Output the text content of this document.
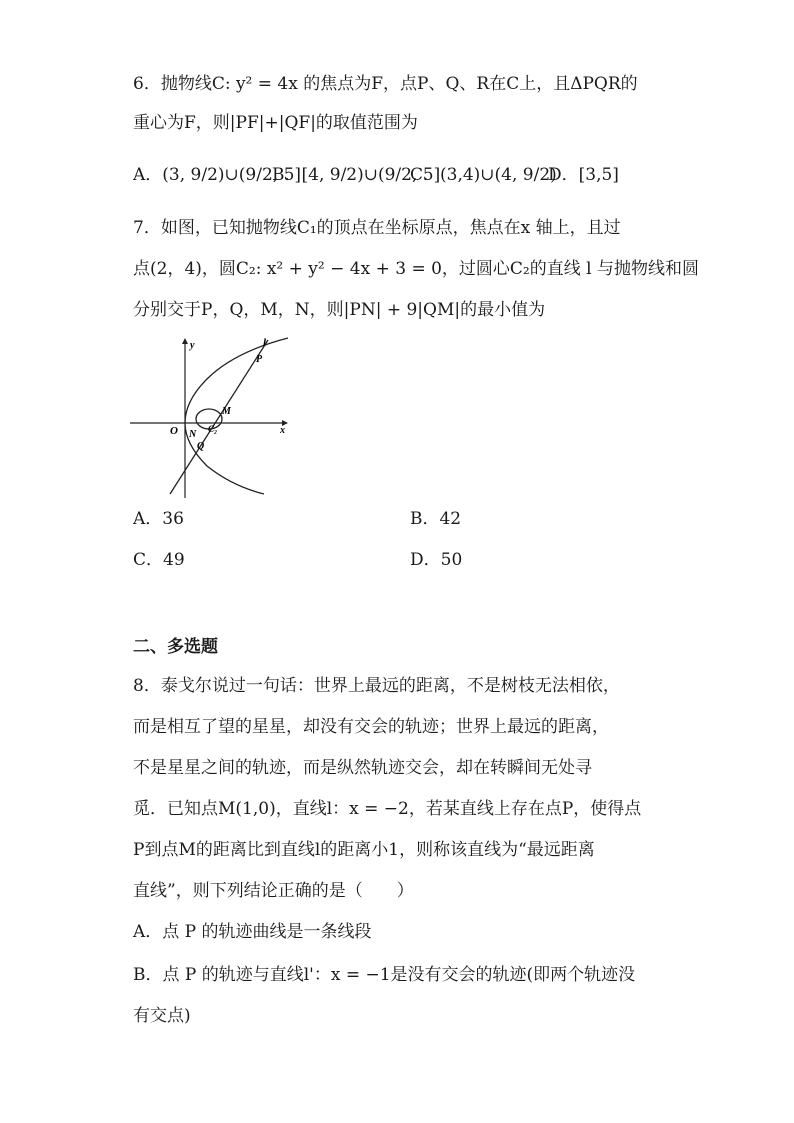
6．抛物线C: y² = 4x 的焦点为F，点P、Q、R在C上，且ΔPQR的
重心为F，则|PF|+|QF|的取值范围为
A．(3, 9/2)∪(9/2, 5]
B．[4, 9/2)∪(9/2, 5]
C．(3,4)∪(4, 9/2)
D．[3,5]
7．如图，已知抛物线C₁的顶点在坐标原点，焦点在x 轴上，且过
点(2，4)，圆C₂: x² + y² − 4x + 3 = 0，过圆心C₂的直线 l 与抛物线和圆
分别交于P，Q，M，N，则|PN| + 9|QM|的最小值为
y
x
O
l
P
M
N
Q
C₂
A．36	B．42
C．49	D．50
二、多选题
8．泰戈尔说过一句话：世界上最远的距离，不是树枝无法相依，
而是相互了望的星星，却没有交会的轨迹；世界上最远的距离，
不是星星之间的轨迹，而是纵然轨迹交会，却在转瞬间无处寻
觅．已知点M(1,0)，直线l：x = −2，若某直线上存在点P，使得点
P到点M的距离比到直线l的距离小1，则称该直线为“最远距离
直线”，则下列结论正确的是（　　）
A．点 P 的轨迹曲线是一条线段
B．点 P 的轨迹与直线l'：x = −1是没有交会的轨迹(即两个轨迹没
有交点)
